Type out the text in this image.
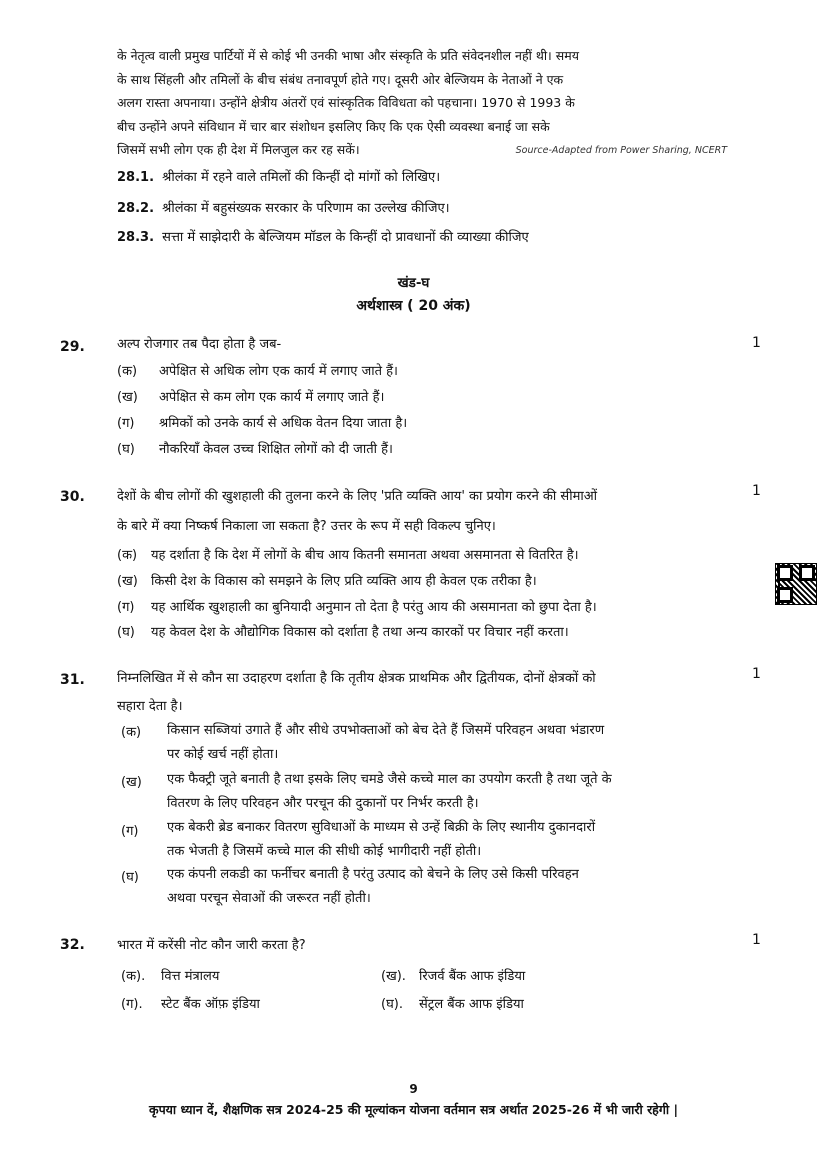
के नेतृत्व वाली प्रमुख पार्टियों में से कोई भी उनकी भाषा और संस्कृति के प्रति संवेदनशील नहीं थी। समय
के साथ सिंहली और तमिलों के बीच संबंध तनावपूर्ण होते गए। दूसरी ओर बेल्जियम के नेताओं ने एक
अलग रास्ता अपनाया। उन्होंने क्षेत्रीय अंतरों एवं सांस्कृतिक विविधता को पहचाना। 1970 से 1993 के
बीच उन्होंने अपने संविधान में चार बार संशोधन इसलिए किए कि एक ऐसी व्यवस्था बनाई जा सके
जिसमें सभी लोग एक ही देश में मिलजुल कर रह सकें।	Source-Adapted from Power Sharing, NCERT
28.1. श्रीलंका में रहने वाले तमिलों की किन्हीं दो मांगों को लिखिए।
28.2. श्रीलंका में बहुसंख्यक सरकार के परिणाम का उल्लेख कीजिए।
28.3. सत्ता में साझेदारी के बेल्जियम मॉडल के किन्हीं दो प्रावधानों की व्याख्या कीजिए
खंड-घ
अर्थशास्त्र ( 20 अंक)
29.	1
अल्प रोजगार तब पैदा होता है जब-
(क) अपेक्षित से अधिक लोग एक कार्य में लगाए जाते हैं।
(ख) अपेक्षित से कम लोग एक कार्य में लगाए जाते हैं।
(ग) श्रमिकों को उनके कार्य से अधिक वेतन दिया जाता है।
(घ) नौकरियाँ केवल उच्च शिक्षित लोगों को दी जाती हैं।
30.	1
देशों के बीच लोगों की खुशहाली की तुलना करने के लिए 'प्रति व्यक्ति आय' का प्रयोग करने की सीमाओं
के बारे में क्या निष्कर्ष निकाला जा सकता है? उत्तर के रूप में सही विकल्प चुनिए।
(क) यह दर्शाता है कि देश में लोगों के बीच आय कितनी समानता अथवा असमानता से वितरित है।
(ख) किसी देश के विकास को समझने के लिए प्रति व्यक्ति आय ही केवल एक तरीका है।
(ग) यह आर्थिक खुशहाली का बुनियादी अनुमान तो देता है परंतु आय की असमानता को छुपा देता है।
(घ) यह केवल देश के औद्योगिक विकास को दर्शाता है तथा अन्य कारकों पर विचार नहीं करता।
31.	1
निम्नलिखित में से कौन सा उदाहरण दर्शाता है कि तृतीय क्षेत्रक प्राथमिक और द्वितीयक, दोनों क्षेत्रकों को
सहारा देता है।
(क) किसान सब्जियां उगाते हैं और सीधे उपभोक्ताओं को बेच देते हैं जिसमें परिवहन अथवा भंडारण
पर कोई खर्च नहीं होता।
(ख) एक फैक्ट्री जूते बनाती है तथा इसके लिए चमडे जैसे कच्चे माल का उपयोग करती है तथा जूते के
वितरण के लिए परिवहन और परचून की दुकानों पर निर्भर करती है।
(ग) एक बेकरी ब्रेड बनाकर वितरण सुविधाओं के माध्यम से उन्हें बिक्री के लिए स्थानीय दुकानदारों
तक भेजती है जिसमें कच्चे माल की सीधी कोई भागीदारी नहीं होती।
(घ) एक कंपनी लकडी का फर्नीचर बनाती है परंतु उत्पाद को बेचने के लिए उसे किसी परिवहन
अथवा परचून सेवाओं की जरूरत नहीं होती।
32.	1
भारत में करेंसी नोट कौन जारी करता है?
(क). वित्त मंत्रालय	(ख). रिजर्व बैंक आफ इंडिया
(ग). स्टेट बैंक ऑफ़ इंडिया	(घ). सेंट्रल बैंक आफ इंडिया
9
कृपया ध्यान दें, शैक्षणिक सत्र 2024-25 की मूल्यांकन योजना वर्तमान सत्र अर्थात 2025-26 में भी जारी रहेगी |
